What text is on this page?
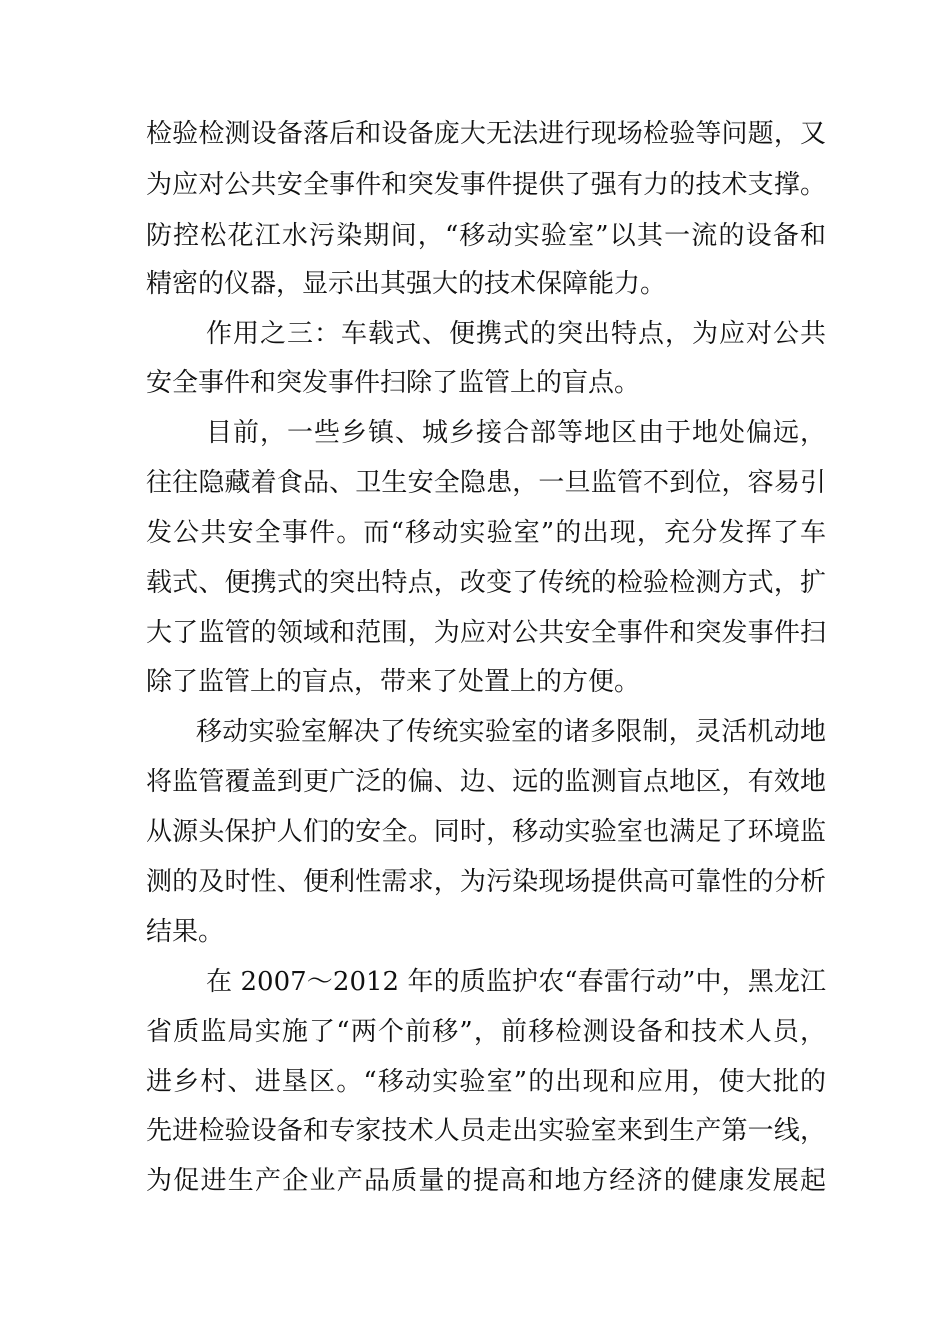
检验检测设备落后和设备庞大无法进行现场检验等问题，又

为应对公共安全事件和突发事件提供了强有力的技术支撑。

防控松花江水污染期间，“移动实验室”以其一流的设备和

精密的仪器，显示出其强大的技术保障能力。

作用之三：车载式、便携式的突出特点，为应对公共

安全事件和突发事件扫除了监管上的盲点。

目前，一些乡镇、城乡接合部等地区由于地处偏远，

往往隐藏着食品、卫生安全隐患，一旦监管不到位，容易引

发公共安全事件。而“移动实验室”的出现，充分发挥了车

载式、便携式的突出特点，改变了传统的检验检测方式，扩

大了监管的领域和范围，为应对公共安全事件和突发事件扫

除了监管上的盲点，带来了处置上的方便。

移动实验室解决了传统实验室的诸多限制，灵活机动地

将监管覆盖到更广泛的偏、边、远的监测盲点地区，有效地

从源头保护人们的安全。同时，移动实验室也满足了环境监

测的及时性、便利性需求，为污染现场提供高可靠性的分析

结果。

在 2007～2012 年的质监护农“春雷行动”中，黑龙江

省质监局实施了“两个前移”，前移检测设备和技术人员，

进乡村、进垦区。“移动实验室”的出现和应用，使大批的

先进检验设备和专家技术人员走出实验室来到生产第一线，

为促进生产企业产品质量的提高和地方经济的健康发展起
